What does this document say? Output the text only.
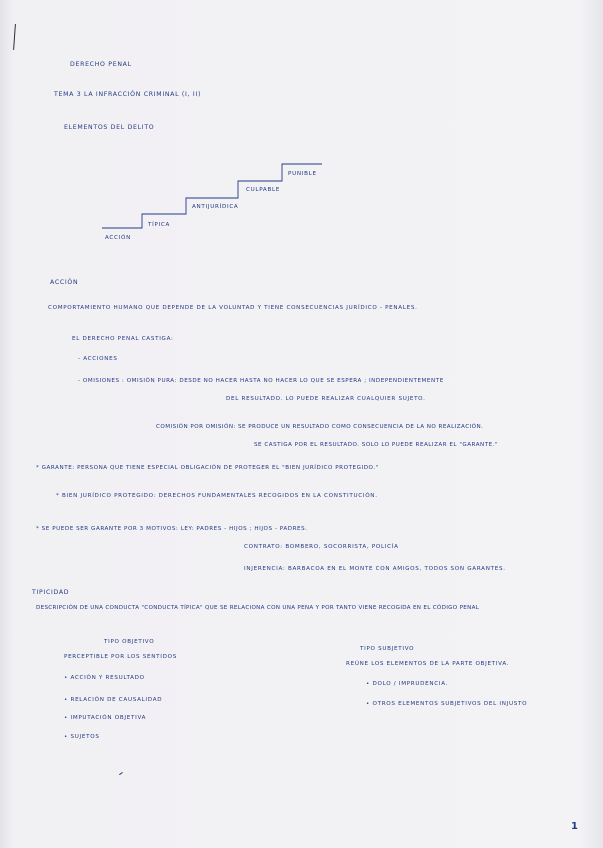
DERECHO PENAL
TEMA 3 LA INFRACCIÓN CRIMINAL (I, II)
ELEMENTOS DEL DELITO
ACCIÓN
TÍPICA
ANTIJURÍDICA
CULPABLE
PUNIBLE
ACCIÓN
COMPORTAMIENTO HUMANO QUE DEPENDE DE LA VOLUNTAD Y TIENE CONSECUENCIAS JURÍDICO - PENALES.
EL DERECHO PENAL CASTIGA:
- ACCIONES
- OMISIONES : OMISIÓN PURA: DESDE NO HACER HASTA NO HACER LO QUE SE ESPERA ; INDEPENDIENTEMENTE
DEL RESULTADO. LO PUEDE REALIZAR CUALQUIER SUJETO.
COMISIÓN POR OMISIÓN: SE PRODUCE UN RESULTADO COMO CONSECUENCIA DE LA NO REALIZACIÓN.
SE CASTIGA POR EL RESULTADO. SOLO LO PUEDE REALIZAR EL "GARANTE."
* GARANTE: PERSONA QUE TIENE ESPECIAL OBLIGACIÓN DE PROTEGER EL "BIEN JURÍDICO PROTEGIDO."
* BIEN JURÍDICO PROTEGIDO: DERECHOS FUNDAMENTALES RECOGIDOS EN LA CONSTITUCIÓN.
* SE PUEDE SER GARANTE POR 3 MOTIVOS: LEY: PADRES - HIJOS ; HIJOS - PADRES.
CONTRATO: BOMBERO, SOCORRISTA, POLICÍA
INJERENCIA: BARBACOA EN EL MONTE CON AMIGOS, TODOS SON GARANTES.
TIPICIDAD
DESCRIPCIÓN DE UNA CONDUCTA "CONDUCTA TÍPICA" QUE SE RELACIONA CON UNA PENA Y POR TANTO VIENE RECOGIDA EN EL CÓDIGO PENAL
TIPO OBJETIVO
PERCEPTIBLE POR LOS SENTIDOS
• ACCIÓN Y RESULTADO
• RELACIÓN DE CAUSALIDAD
• IMPUTACIÓN OBJETIVA
• SUJETOS
TIPO SUBJETIVO
REÚNE LOS ELEMENTOS DE LA PARTE OBJETIVA.
• DOLO / IMPRUDENCIA.
• OTROS ELEMENTOS SUBJETIVOS DEL INJUSTO
1
